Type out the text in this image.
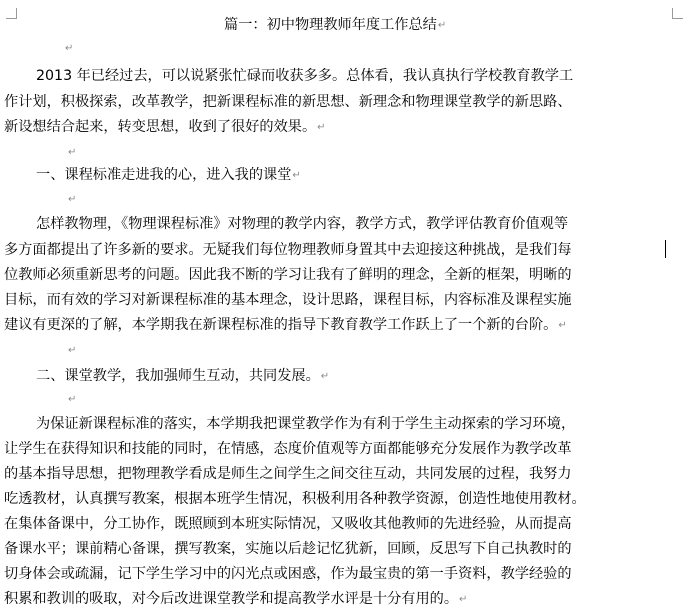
篇一：初中物理教师年度工作总结↵
↵
2013 年已经过去，可以说紧张忙碌而收获多多。总体看，我认真执行学校教育教学工
作计划，积极探索，改革教学，把新课程标准的新思想、新理念和物理课堂教学的新思路、
新设想结合起来，转变思想，收到了很好的效果。↵
↵
一、课程标准走进我的心，进入我的课堂↵
↵
怎样教物理，《物理课程标准》对物理的教学内容，教学方式，教学评估教育价值观等
多方面都提出了许多新的要求。无疑我们每位物理教师身置其中去迎接这种挑战，是我们每
位教师必须重新思考的问题。因此我不断的学习让我有了鲜明的理念，全新的框架，明晰的
目标，而有效的学习对新课程标准的基本理念，设计思路，课程目标，内容标准及课程实施
建议有更深的了解，本学期我在新课程标准的指导下教育教学工作跃上了一个新的台阶。↵
↵
二、课堂教学，我加强师生互动，共同发展。↵
↵
为保证新课程标准的落实，本学期我把课堂教学作为有利于学生主动探索的学习环境，
让学生在获得知识和技能的同时，在情感，态度价值观等方面都能够充分发展作为教学改革
的基本指导思想，把物理教学看成是师生之间学生之间交往互动，共同发展的过程，我努力
吃透教材，认真撰写教案，根据本班学生情况，积极利用各种教学资源，创造性地使用教材。
在集体备课中，分工协作，既照顾到本班实际情况，又吸收其他教师的先进经验，从而提高
备课水平；课前精心备课，撰写教案，实施以后趁记忆犹新，回顾，反思写下自己执教时的
切身体会或疏漏，记下学生学习中的闪光点或困惑，作为最宝贵的第一手资料，教学经验的
积累和教训的吸取，对今后改进课堂教学和提高教学水评是十分有用的。↵
